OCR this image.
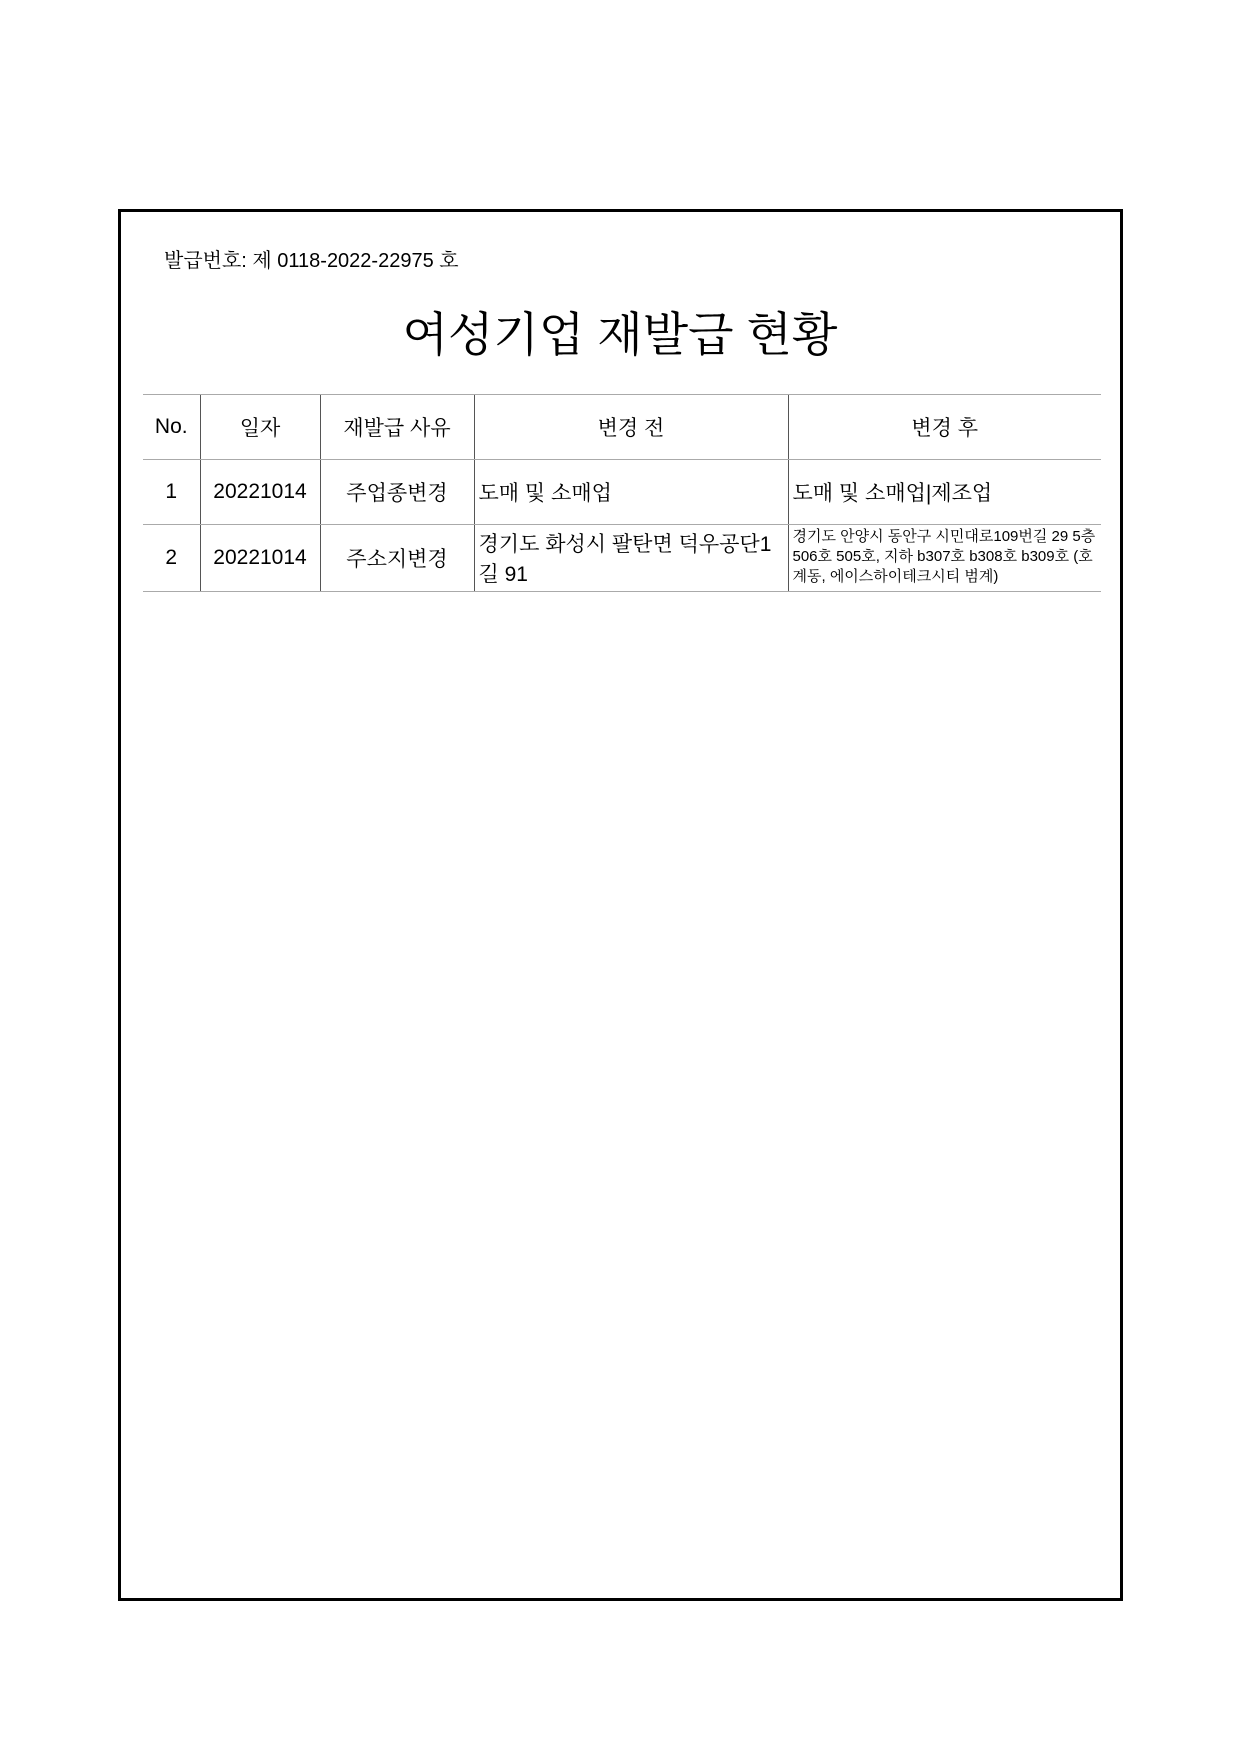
발급번호: 제 0118-2022-22975 호
여성기업 재발급 현황
No.	일자	재발급 사유	변경 전	변경 후
1	20221014	주업종변경	도매 및 소매업	도매 및 소매업|제조업
2	20221014	주소지변경	경기도 화성시 팔탄면 덕우공단1길 91	경기도 안양시 동안구 시민대로109번길 29 5층 506호 505호, 지하 b307호 b308호 b309호 (호계동, 에이스하이테크시티 범계)
